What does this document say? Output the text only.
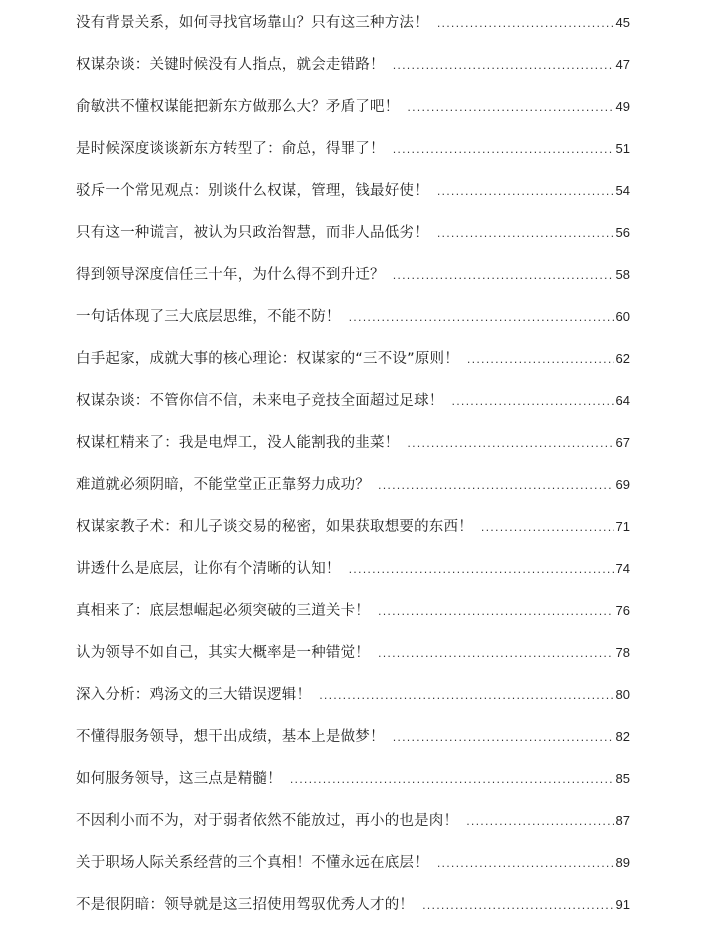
没有背景关系，如何寻找官场靠山？只有这三种方法！ .....	45
权谋杂谈：关键时候没有人指点，就会走错路！ .....	47
俞敏洪不懂权谋能把新东方做那么大？矛盾了吧！ .....	49
是时候深度谈谈新东方转型了：俞总，得罪了！ .....	51
驳斥一个常见观点：别谈什么权谋，管理，钱最好使！ .....	54
只有这一种谎言，被认为只政治智慧，而非人品低劣！ .....	56
得到领导深度信任三十年，为什么得不到升迁？ .....	58
一句话体现了三大底层思维，不能不防！ .....	60
白手起家，成就大事的核心理论：权谋家的“三不设”原则！ .....	62
权谋杂谈：不管你信不信，未来电子竞技全面超过足球！ .....	64
权谋杠精来了：我是电焊工，没人能割我的韭菜！ .....	67
难道就必须阴暗，不能堂堂正正靠努力成功？ .....	69
权谋家教子术：和儿子谈交易的秘密，如果获取想要的东西！ .....	71
讲透什么是底层，让你有个清晰的认知！ .....	74
真相来了：底层想崛起必须突破的三道关卡！ .....	76
认为领导不如自己，其实大概率是一种错觉！ .....	78
深入分析：鸡汤文的三大错误逻辑！ .....	80
不懂得服务领导，想干出成绩，基本上是做梦！ .....	82
如何服务领导，这三点是精髓！ .....	85
不因利小而不为，对于弱者依然不能放过，再小的也是肉！ .....	87
关于职场人际关系经营的三个真相！不懂永远在底层！ .....	89
不是很阴暗：领导就是这三招使用驾驭优秀人才的！ .....	91
